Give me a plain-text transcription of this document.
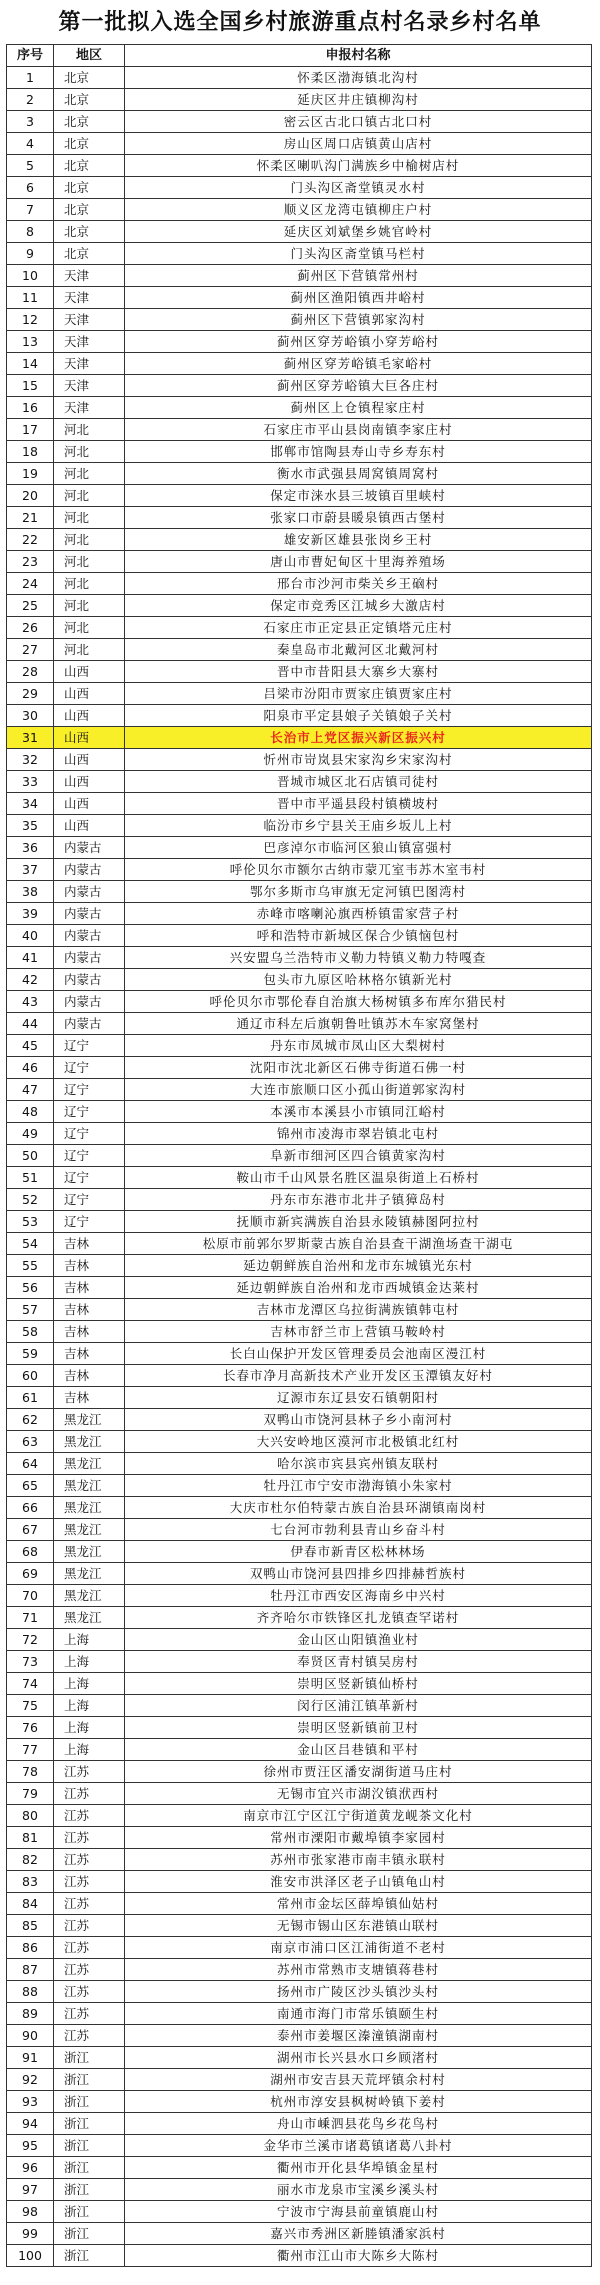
第一批拟入选全国乡村旅游重点村名录乡村名单
序号	地区	申报村名称
1	北京	怀柔区渤海镇北沟村
2	北京	延庆区井庄镇柳沟村
3	北京	密云区古北口镇古北口村
4	北京	房山区周口店镇黄山店村
5	北京	怀柔区喇叭沟门满族乡中榆树店村
6	北京	门头沟区斋堂镇灵水村
7	北京	顺义区龙湾屯镇柳庄户村
8	北京	延庆区刘斌堡乡姚官岭村
9	北京	门头沟区斋堂镇马栏村
10	天津	蓟州区下营镇常州村
11	天津	蓟州区渔阳镇西井峪村
12	天津	蓟州区下营镇郭家沟村
13	天津	蓟州区穿芳峪镇小穿芳峪村
14	天津	蓟州区穿芳峪镇毛家峪村
15	天津	蓟州区穿芳峪镇大巨各庄村
16	天津	蓟州区上仓镇程家庄村
17	河北	石家庄市平山县岗南镇李家庄村
18	河北	邯郸市馆陶县寿山寺乡寿东村
19	河北	衡水市武强县周窝镇周窝村
20	河北	保定市涞水县三坡镇百里峡村
21	河北	张家口市蔚县暖泉镇西古堡村
22	河北	雄安新区雄县张岗乡王村
23	河北	唐山市曹妃甸区十里海养殖场
24	河北	邢台市沙河市柴关乡王硇村
25	河北	保定市竞秀区江城乡大激店村
26	河北	石家庄市正定县正定镇塔元庄村
27	河北	秦皇岛市北戴河区北戴河村
28	山西	晋中市昔阳县大寨乡大寨村
29	山西	吕梁市汾阳市贾家庄镇贾家庄村
30	山西	阳泉市平定县娘子关镇娘子关村
31	山西	长治市上党区振兴新区振兴村
32	山西	忻州市岢岚县宋家沟乡宋家沟村
33	山西	晋城市城区北石店镇司徒村
34	山西	晋中市平遥县段村镇横坡村
35	山西	临汾市乡宁县关王庙乡坂儿上村
36	内蒙古	巴彦淖尔市临河区狼山镇富强村
37	内蒙古	呼伦贝尔市额尔古纳市蒙兀室韦苏木室韦村
38	内蒙古	鄂尔多斯市乌审旗无定河镇巴图湾村
39	内蒙古	赤峰市喀喇沁旗西桥镇雷家营子村
40	内蒙古	呼和浩特市新城区保合少镇恼包村
41	内蒙古	兴安盟乌兰浩特市义勒力特镇义勒力特嘎查
42	内蒙古	包头市九原区哈林格尔镇新光村
43	内蒙古	呼伦贝尔市鄂伦春自治旗大杨树镇多布库尔猎民村
44	内蒙古	通辽市科左后旗朝鲁吐镇苏木车家窝堡村
45	辽宁	丹东市凤城市凤山区大梨树村
46	辽宁	沈阳市沈北新区石佛寺街道石佛一村
47	辽宁	大连市旅顺口区小孤山街道郭家沟村
48	辽宁	本溪市本溪县小市镇同江峪村
49	辽宁	锦州市凌海市翠岩镇北屯村
50	辽宁	阜新市细河区四合镇黄家沟村
51	辽宁	鞍山市千山风景名胜区温泉街道上石桥村
52	辽宁	丹东市东港市北井子镇獐岛村
53	辽宁	抚顺市新宾满族自治县永陵镇赫图阿拉村
54	吉林	松原市前郭尔罗斯蒙古族自治县查干湖渔场查干湖屯
55	吉林	延边朝鲜族自治州和龙市东城镇光东村
56	吉林	延边朝鲜族自治州和龙市西城镇金达莱村
57	吉林	吉林市龙潭区乌拉街满族镇韩屯村
58	吉林	吉林市舒兰市上营镇马鞍岭村
59	吉林	长白山保护开发区管理委员会池南区漫江村
60	吉林	长春市净月高新技术产业开发区玉潭镇友好村
61	吉林	辽源市东辽县安石镇朝阳村
62	黑龙江	双鸭山市饶河县林子乡小南河村
63	黑龙江	大兴安岭地区漠河市北极镇北红村
64	黑龙江	哈尔滨市宾县宾州镇友联村
65	黑龙江	牡丹江市宁安市渤海镇小朱家村
66	黑龙江	大庆市杜尔伯特蒙古族自治县环湖镇南岗村
67	黑龙江	七台河市勃利县青山乡奋斗村
68	黑龙江	伊春市新青区松林林场
69	黑龙江	双鸭山市饶河县四排乡四排赫哲族村
70	黑龙江	牡丹江市西安区海南乡中兴村
71	黑龙江	齐齐哈尔市铁锋区扎龙镇查罕诺村
72	上海	金山区山阳镇渔业村
73	上海	奉贤区青村镇吴房村
74	上海	崇明区竖新镇仙桥村
75	上海	闵行区浦江镇革新村
76	上海	崇明区竖新镇前卫村
77	上海	金山区吕巷镇和平村
78	江苏	徐州市贾汪区潘安湖街道马庄村
79	江苏	无锡市宜兴市湖㳇镇洑西村
80	江苏	南京市江宁区江宁街道黄龙岘茶文化村
81	江苏	常州市溧阳市戴埠镇李家园村
82	江苏	苏州市张家港市南丰镇永联村
83	江苏	淮安市洪泽区老子山镇龟山村
84	江苏	常州市金坛区薛埠镇仙姑村
85	江苏	无锡市锡山区东港镇山联村
86	江苏	南京市浦口区江浦街道不老村
87	江苏	苏州市常熟市支塘镇蒋巷村
88	江苏	扬州市广陵区沙头镇沙头村
89	江苏	南通市海门市常乐镇颐生村
90	江苏	泰州市姜堰区溱潼镇湖南村
91	浙江	湖州市长兴县水口乡顾渚村
92	浙江	湖州市安吉县天荒坪镇余村村
93	浙江	杭州市淳安县枫树岭镇下姜村
94	浙江	舟山市嵊泗县花鸟乡花鸟村
95	浙江	金华市兰溪市诸葛镇诸葛八卦村
96	浙江	衢州市开化县华埠镇金星村
97	浙江	丽水市龙泉市宝溪乡溪头村
98	浙江	宁波市宁海县前童镇鹿山村
99	浙江	嘉兴市秀洲区新塍镇潘家浜村
100	浙江	衢州市江山市大陈乡大陈村
